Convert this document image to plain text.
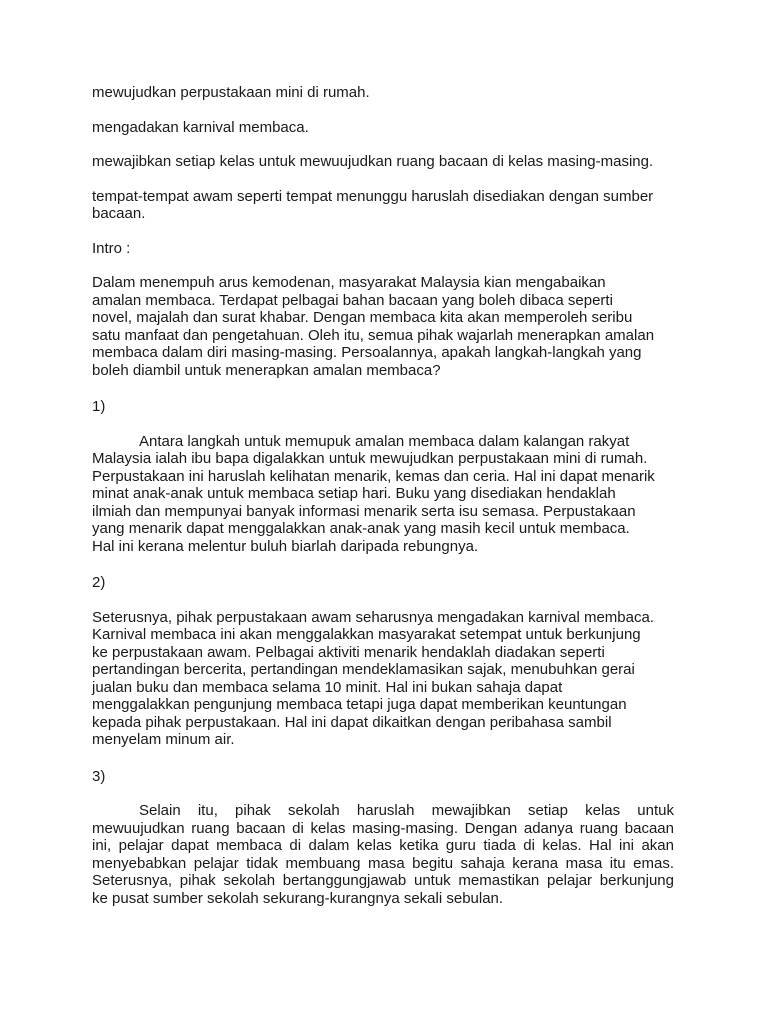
mewujudkan perpustakaan mini di rumah.

mengadakan karnival membaca.

mewajibkan setiap kelas untuk mewuujudkan ruang bacaan di kelas masing-masing.

tempat-tempat awam seperti tempat menunggu haruslah disediakan dengan sumber
bacaan.

Intro :

Dalam menempuh arus kemodenan, masyarakat Malaysia kian mengabaikan
amalan membaca. Terdapat pelbagai bahan bacaan yang boleh dibaca seperti
novel, majalah dan surat khabar. Dengan membaca kita akan memperoleh seribu
satu manfaat dan pengetahuan. Oleh itu, semua pihak wajarlah menerapkan amalan
membaca dalam diri masing-masing. Persoalannya, apakah langkah-langkah yang
boleh diambil untuk menerapkan amalan membaca?

1)

Antara langkah untuk memupuk amalan membaca dalam kalangan rakyat
Malaysia ialah ibu bapa digalakkan untuk mewujudkan perpustakaan mini di rumah.
Perpustakaan ini haruslah kelihatan menarik, kemas dan ceria. Hal ini dapat menarik
minat anak-anak untuk membaca setiap hari. Buku yang disediakan hendaklah
ilmiah dan mempunyai banyak informasi menarik serta isu semasa. Perpustakaan
yang menarik dapat menggalakkan anak-anak yang masih kecil untuk membaca.
Hal ini kerana melentur buluh biarlah daripada rebungnya.

2)

Seterusnya, pihak perpustakaan awam seharusnya mengadakan karnival membaca.
Karnival membaca ini akan menggalakkan masyarakat setempat untuk berkunjung
ke perpustakaan awam. Pelbagai aktiviti menarik hendaklah diadakan seperti
pertandingan bercerita, pertandingan mendeklamasikan sajak, menubuhkan gerai
jualan buku dan membaca selama 10 minit. Hal ini bukan sahaja dapat
menggalakkan pengunjung membaca tetapi juga dapat memberikan keuntungan
kepada pihak perpustakaan. Hal ini dapat dikaitkan dengan peribahasa sambil
menyelam minum air.

3)

Selain itu, pihak sekolah haruslah mewajibkan setiap kelas untuk
mewuujudkan ruang bacaan di kelas masing-masing. Dengan adanya ruang bacaan
ini, pelajar dapat membaca di dalam kelas ketika guru tiada di kelas. Hal ini akan
menyebabkan pelajar tidak membuang masa begitu sahaja kerana masa itu emas.
Seterusnya, pihak sekolah bertanggungjawab untuk memastikan pelajar berkunjung
ke pusat sumber sekolah sekurang-kurangnya sekali sebulan.
